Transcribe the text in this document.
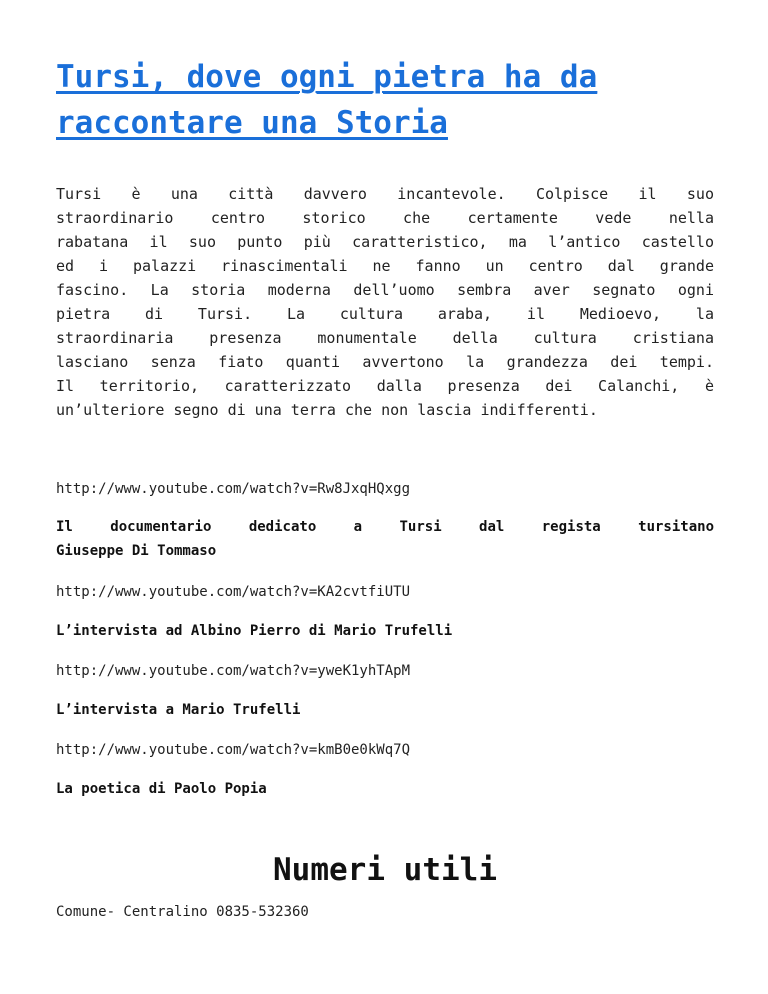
Tursi, dove ogni pietra ha da raccontare una Storia
Tursi è una città davvero incantevole. Colpisce il suo
straordinario centro storico che certamente vede nella
rabatana il suo punto più caratteristico, ma l’antico castello
ed i palazzi rinascimentali ne fanno un centro dal grande
fascino. La storia moderna dell’uomo sembra aver segnato ogni
pietra di Tursi. La cultura araba, il Medioevo, la
straordinaria presenza monumentale della cultura cristiana
lasciano senza fiato quanti avvertono la grandezza dei tempi.
Il territorio, caratterizzato dalla presenza dei Calanchi, è
un’ulteriore segno di una terra che non lascia indifferenti.

http://www.youtube.com/watch?v=Rw8JxqHQxgg

Il documentario dedicato a Tursi dal regista tursitano
Giuseppe Di Tommaso

http://www.youtube.com/watch?v=KA2cvtfiUTU

L’intervista ad Albino Pierro di Mario Trufelli

http://www.youtube.com/watch?v=yweK1yhTApM

L’intervista a Mario Trufelli

http://www.youtube.com/watch?v=kmB0e0kWq7Q

La poetica di Paolo Popia
Numeri utili

Comune- Centralino 0835-532360
